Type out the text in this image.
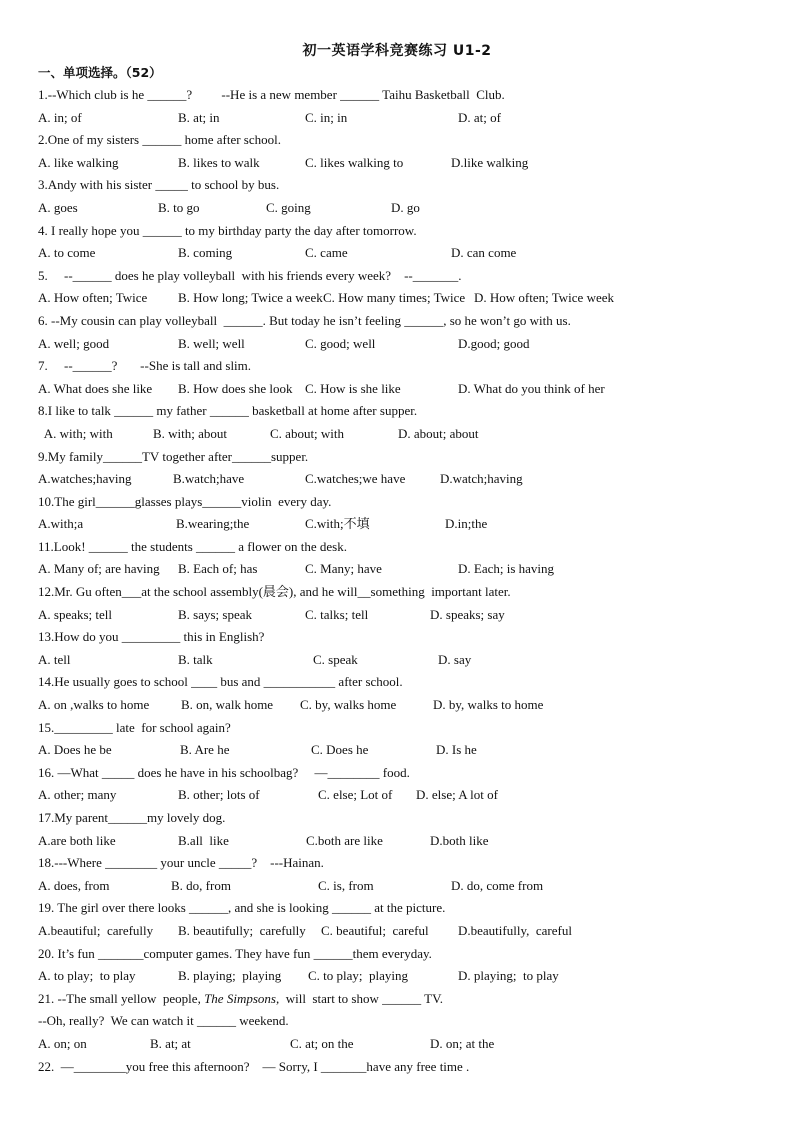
初一英语学科竞赛练习 U1-2
一、单项选择。（52）
1.--Which club is he ______?         --He is a new member ______ Taihu Basketball  Club.
A. in; of	B. at; in	C. in; in	D. at; of
2.One of my sisters ______ home after school.
A. like walking	B. likes to walk	C. likes walking to	D.like walking
3.Andy with his sister _____ to school by bus.
A. goes	B. to go	C. going	D. go
4. I really hope you ______ to my birthday party the day after tomorrow.
A. to come	B. coming	C. came	D. can come
5.     --______ does he play volleyball  with his friends every week?    --_______.
A. How often; Twice B. How long; Twice a week C. How many times; Twice D. How often; Twice week
6. --My cousin can play volleyball  ______. But today he isn’t feeling ______, so he won’t go with us.
A. well; good	B. well; well	C. good; well	D.good; good
7.     --______?       --She is tall and slim.
A. What does she like B. How does she look C. How is she like	D. What do you think of her
8.I like to talk ______ my father ______ basketball at home after supper.
A. with; with	B. with; about	C. about; with	D. about; about
9.My family______TV together after______supper.
A.watches;having	B.watch;have	C.watches;we have	D.watch;having
10.The girl______glasses plays______violin  every day.
A.with;a	B.wearing;the	C.with;不填	D.in;the
11.Look! ______ the students ______ a flower on the desk.
A. Many of; are having B. Each of; has	C. Many; have	D. Each; is having
12.Mr. Gu often___at the school assembly(晨会), and he will__something  important later.
A. speaks; tell	B. says; speak	C. talks; tell	D. speaks; say
13.How do you _________ this in English?
A. tell	B. talk	C. speak	D. say
14.He usually goes to school ____ bus and ___________ after school.
A. on ,walks to home B. on, walk home C. by, walks home	D. by, walks to home
15._________ late  for school again?
A. Does he be	B. Are he	C. Does he	D. Is he
16. —What _____ does he have in his schoolbag?     —________ food.
A. other; many	B. other; lots of	C. else; Lot of D. else; A lot of
17.My parent______my lovely dog.
A.are both like	B.all  like	C.both are like	D.both like
18.---Where ________ your uncle _____?    ---Hainan.
A. does, from	B. do, from	C. is, from	D. do, come from
19. The girl over there looks ______, and she is looking ______ at the picture.
A.beautiful;  carefully B. beautifully;  carefully C. beautiful;  careful D.beautifully,  careful
20. It’s fun _______computer games. They have fun ______them everyday.
A. to play;  to play	B. playing;  playing C. to play;  playing	D. playing;  to play
21. --The small yellow  people, The Simpsons,  will  start to show ______ TV.
--Oh, really?  We can watch it ______ weekend.
A. on; on	B. at; at	C. at; on the	D. on; at the
22.  —________you free this afternoon?    — Sorry, I _______have any free time .
